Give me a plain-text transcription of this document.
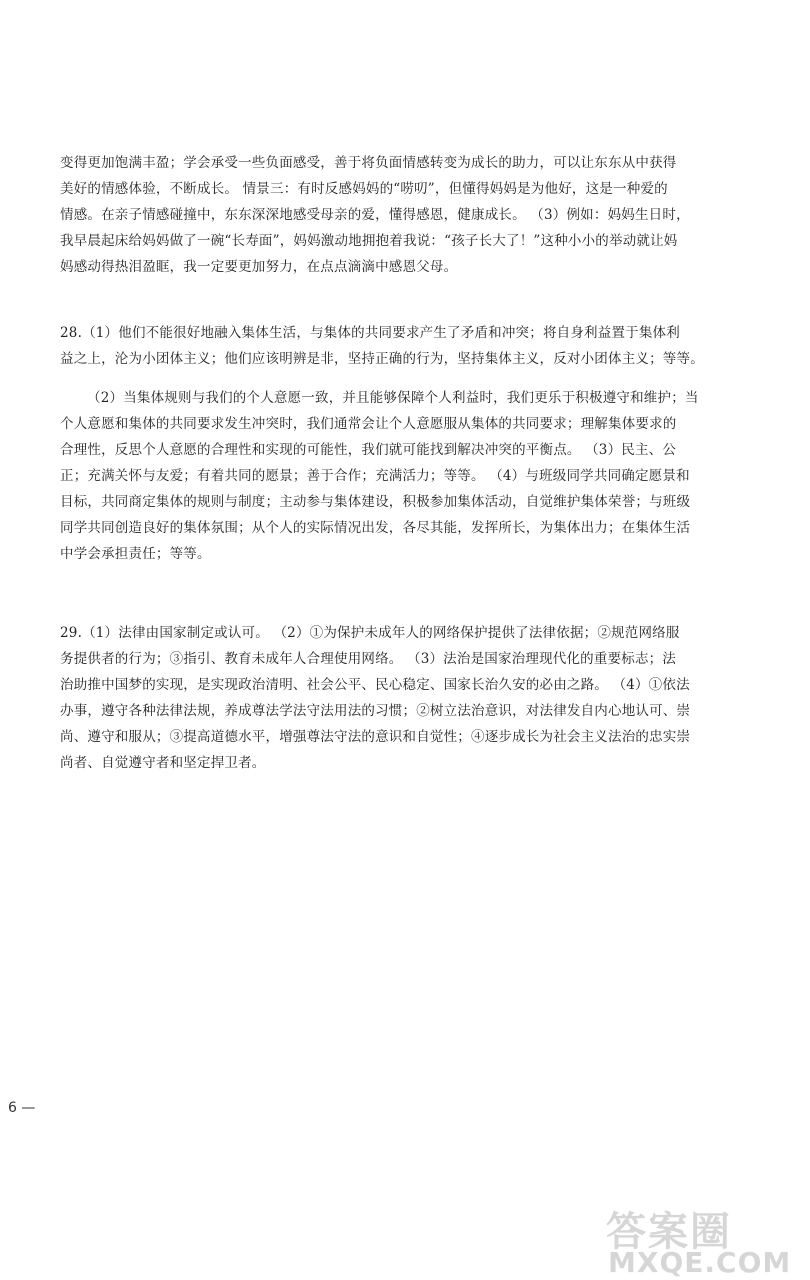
变得更加饱满丰盈；学会承受一些负面感受，善于将负面情感转变为成长的助力，可以让东东从中获得
美好的情感体验，不断成长。 情景三：有时反感妈妈的“唠叨”，但懂得妈妈是为他好，这是一种爱的
情感。在亲子情感碰撞中，东东深深地感受母亲的爱，懂得感恩，健康成长。 （3）例如：妈妈生日时，
我早晨起床给妈妈做了一碗“长寿面”，妈妈激动地拥抱着我说：“孩子长大了！”这种小小的举动就让妈
妈感动得热泪盈眶，我一定要更加努力，在点点滴滴中感恩父母。
28.（1）他们不能很好地融入集体生活，与集体的共同要求产生了矛盾和冲突；将自身利益置于集体利
益之上，沦为小团体主义；他们应该明辨是非，坚持正确的行为，坚持集体主义，反对小团体主义；等等。
（2）当集体规则与我们的个人意愿一致，并且能够保障个人利益时，我们更乐于积极遵守和维护；当
个人意愿和集体的共同要求发生冲突时，我们通常会让个人意愿服从集体的共同要求；理解集体要求的
合理性，反思个人意愿的合理性和实现的可能性，我们就可能找到解决冲突的平衡点。 （3）民主、公
正；充满关怀与友爱；有着共同的愿景；善于合作；充满活力；等等。 （4）与班级同学共同确定愿景和
目标，共同商定集体的规则与制度；主动参与集体建设，积极参加集体活动，自觉维护集体荣誉；与班级
同学共同创造良好的集体氛围；从个人的实际情况出发，各尽其能，发挥所长，为集体出力；在集体生活
中学会承担责任；等等。
29.（1）法律由国家制定或认可。 （2）①为保护未成年人的网络保护提供了法律依据；②规范网络服
务提供者的行为；③指引、教育未成年人合理使用网络。 （3）法治是国家治理现代化的重要标志；法
治助推中国梦的实现，是实现政治清明、社会公平、民心稳定、国家长治久安的必由之路。 （4）①依法
办事，遵守各种法律法规，养成尊法学法守法用法的习惯；②树立法治意识，对法律发自内心地认可、崇
尚、遵守和服从；③提高道德水平，增强尊法守法的意识和自觉性；④逐步成长为社会主义法治的忠实崇
尚者、自觉遵守者和坚定捍卫者。
6 —
答案圈
MXQE.COM
